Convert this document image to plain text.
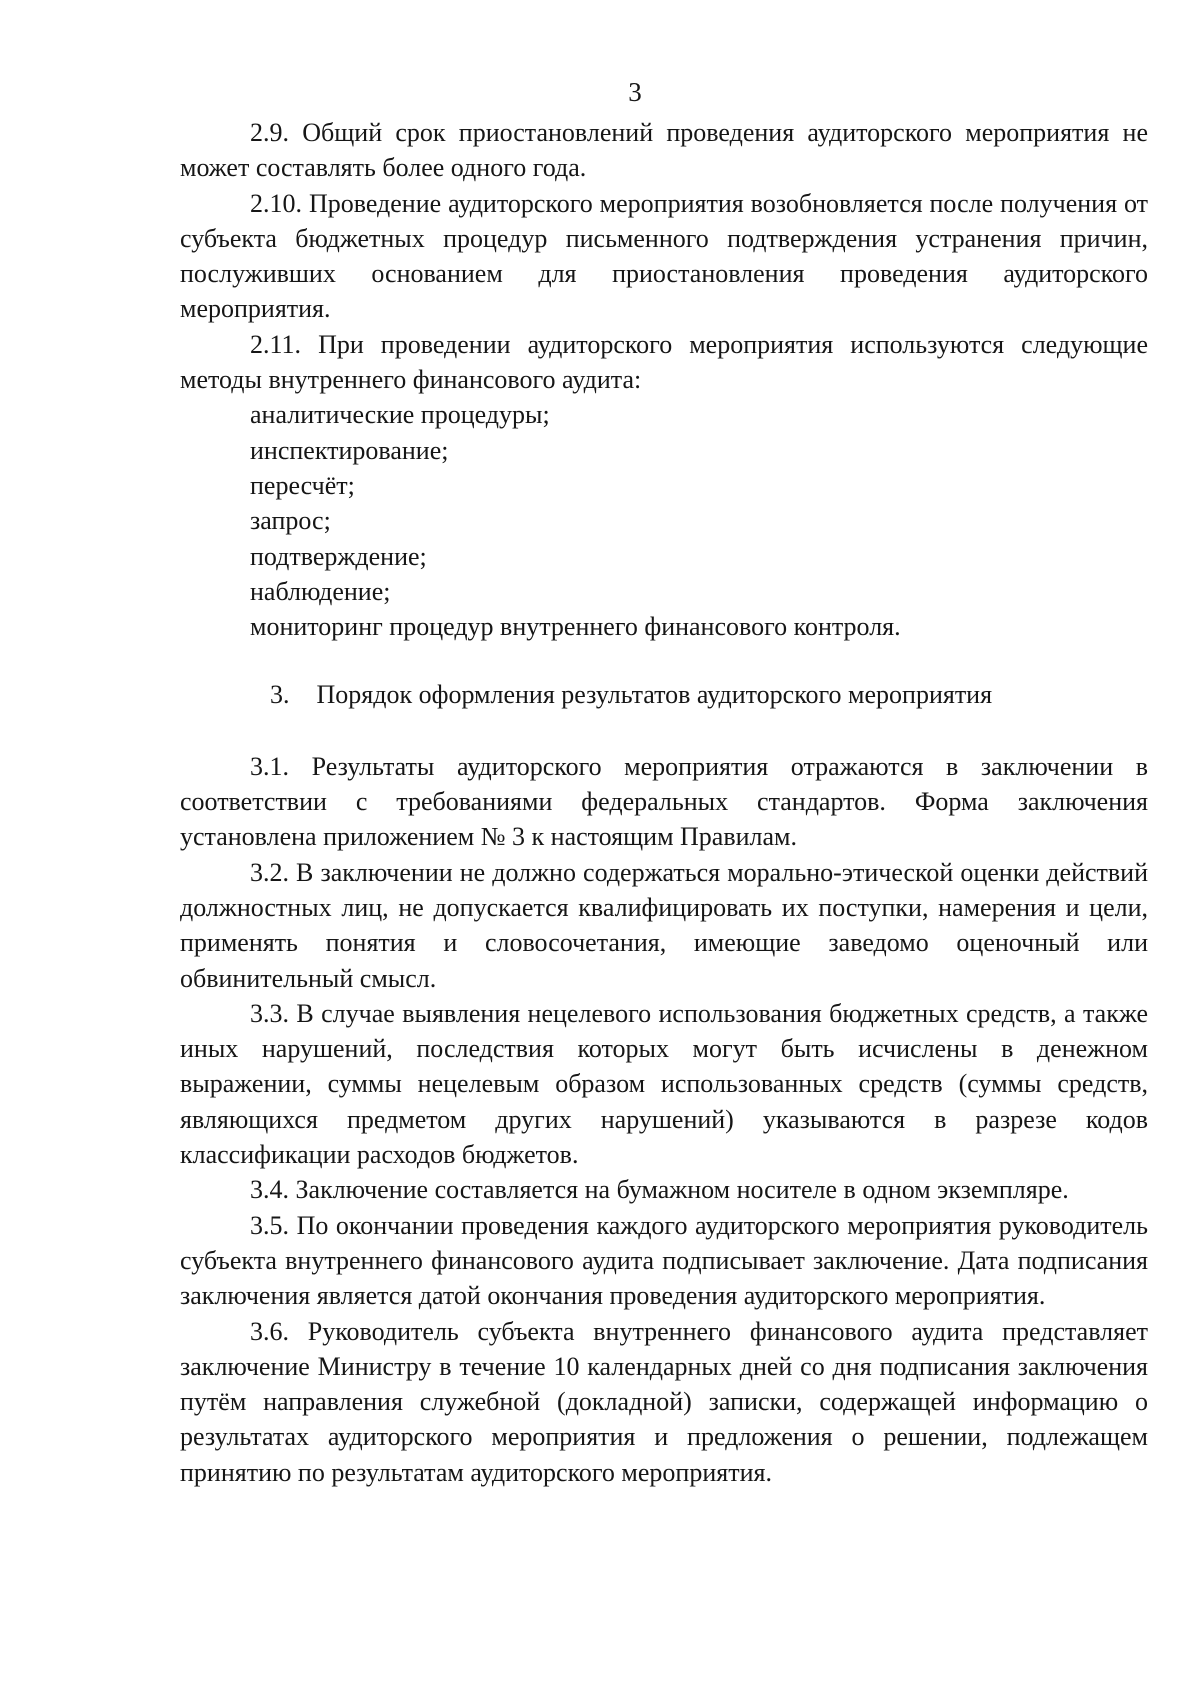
3

2.9. Общий срок приостановлений проведения аудиторского мероприятия не может составлять более одного года.

2.10. Проведение аудиторского мероприятия возобновляется после получения от субъекта бюджетных процедур письменного подтверждения устранения причин, послуживших основанием для приостановления проведения аудиторского мероприятия.

2.11. При проведении аудиторского мероприятия используются следующие методы внутреннего финансового аудита:

аналитические процедуры;

инспектирование;

пересчёт;

запрос;

подтверждение;

наблюдение;

мониторинг процедур внутреннего финансового контроля.

3. Порядок оформления результатов аудиторского мероприятия

3.1. Результаты аудиторского мероприятия отражаются в заключении в соответствии с требованиями федеральных стандартов. Форма заключения установлена приложением № 3 к настоящим Правилам.

3.2. В заключении не должно содержаться морально-этической оценки действий должностных лиц, не допускается квалифицировать их поступки, намерения и цели, применять понятия и словосочетания, имеющие заведомо оценочный или обвинительный смысл.

3.3. В случае выявления нецелевого использования бюджетных средств, а также иных нарушений, последствия которых могут быть исчислены в денежном выражении, суммы нецелевым образом использованных средств (суммы средств, являющихся предметом других нарушений) указываются в разрезе кодов классификации расходов бюджетов.

3.4. Заключение составляется на бумажном носителе в одном экземпляре.

3.5. По окончании проведения каждого аудиторского мероприятия руководитель субъекта внутреннего финансового аудита подписывает заключение. Дата подписания заключения является датой окончания проведения аудиторского мероприятия.

3.6. Руководитель субъекта внутреннего финансового аудита представляет заключение Министру в течение 10 календарных дней со дня подписания заключения путём направления служебной (докладной) записки, содержащей информацию о результатах аудиторского мероприятия и предложения о решении, подлежащем принятию по результатам аудиторского мероприятия.
